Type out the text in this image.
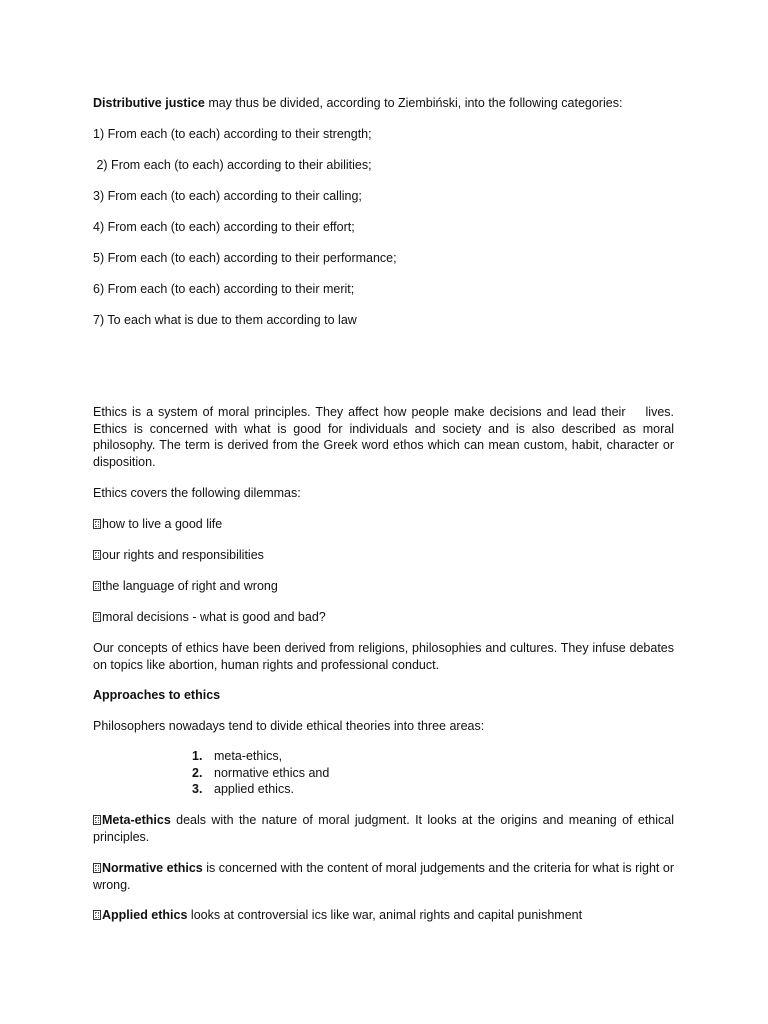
Distributive justice may thus be divided, according to Ziembiński, into the following categories:
1) From each (to each) according to their strength;
2) From each (to each) according to their abilities;
3) From each (to each) according to their calling;
4) From each (to each) according to their effort;
5) From each (to each) according to their performance;
6) From each (to each) according to their merit;
7) To each what is due to them according to law
Ethics is a system of moral principles. They affect how people make decisions and lead their    lives.
Ethics is concerned with what is good for individuals and society and is also described as moral philosophy. The term is derived from the Greek word ethos which can mean custom, habit, character or disposition.
Ethics covers the following dilemmas:
how to live a good life
our rights and responsibilities
the language of right and wrong
moral decisions - what is good and bad?
Our concepts of ethics have been derived from religions, philosophies and cultures. They infuse debates on topics like abortion, human rights and professional conduct.
Approaches to ethics
Philosophers nowadays tend to divide ethical theories into three areas:
1. meta-ethics,
2. normative ethics and
3. applied ethics.
Meta-ethics deals with the nature of moral judgment. It looks at the origins and meaning of ethical principles.
Normative ethics is concerned with the content of moral judgements and the criteria for what is right or wrong.
Applied ethics looks at controversial ics like war, animal rights and capital punishment
